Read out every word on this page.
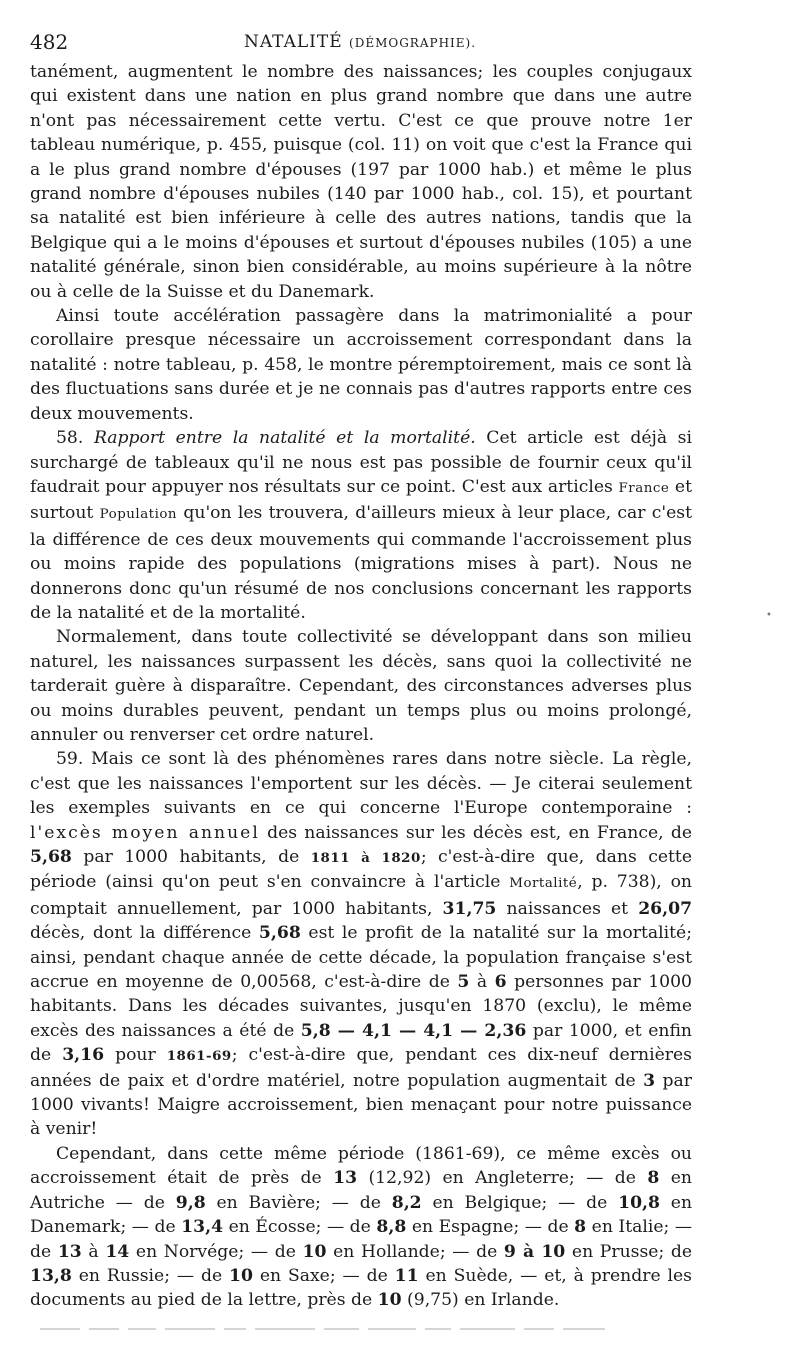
482	NATALITÉ (DÉMOGRAPHIE).

tanément, augmentent le nombre des naissances; les couples conjugaux qui existent dans une nation en plus grand nombre que dans une autre n'ont pas nécessairement cette vertu. C'est ce que prouve notre 1er tableau numérique, p. 455, puisque (col. 11) on voit que c'est la France qui a le plus grand nombre d'épouses (197 par 1000 hab.) et même le plus grand nombre d'épouses nubiles (140 par 1000 hab., col. 15), et pourtant sa natalité est bien inférieure à celle des autres nations, tandis que la Belgique qui a le moins d'épouses et surtout d'épouses nubiles (105) a une natalité générale, sinon bien considérable, au moins supérieure à la nôtre ou à celle de la Suisse et du Danemark.

Ainsi toute accélération passagère dans la matrimonialité a pour corollaire presque nécessaire un accroissement correspondant dans la natalité : notre tableau, p. 458, le montre péremptoirement, mais ce sont là des fluctuations sans durée et je ne connais pas d'autres rapports entre ces deux mouvements.

58. Rapport entre la natalité et la mortalité. Cet article est déjà si surchargé de tableaux qu'il ne nous est pas possible de fournir ceux qu'il faudrait pour appuyer nos résultats sur ce point. C'est aux articles France et surtout Population qu'on les trouvera, d'ailleurs mieux à leur place, car c'est la différence de ces deux mouvements qui commande l'accroissement plus ou moins rapide des populations (migrations mises à part). Nous ne donnerons donc qu'un résumé de nos conclusions concernant les rapports de la natalité et de la mortalité.

Normalement, dans toute collectivité se développant dans son milieu naturel, les naissances surpassent les décès, sans quoi la collectivité ne tarderait guère à disparaître. Cependant, des circonstances adverses plus ou moins durables peuvent, pendant un temps plus ou moins prolongé, annuler ou renverser cet ordre naturel.

59. Mais ce sont là des phénomènes rares dans notre siècle. La règle, c'est que les naissances l'emportent sur les décès. — Je citerai seulement les exemples suivants en ce qui concerne l'Europe contemporaine : l'excès moyen annuel des naissances sur les décès est, en France, de 5,68 par 1000 habitants, de 1811 à 1820; c'est-à-dire que, dans cette période (ainsi qu'on peut s'en convaincre à l'article Mortalité, p. 738), on comptait annuellement, par 1000 habitants, 31,75 naissances et 26,07 décès, dont la différence 5,68 est le profit de la natalité sur la mortalité; ainsi, pendant chaque année de cette décade, la population française s'est accrue en moyenne de 0,00568, c'est-à-dire de 5 à 6 personnes par 1000 habitants. Dans les décades suivantes, jusqu'en 1870 (exclu), le même excès des naissances a été de 5,8 — 4,1 — 4,1 — 2,36 par 1000, et enfin de 3,16 pour 1861-69; c'est-à-dire que, pendant ces dix-neuf dernières années de paix et d'ordre matériel, notre population augmentait de 3 par 1000 vivants! Maigre accroissement, bien menaçant pour notre puissance à venir!

Cependant, dans cette même période (1861-69), ce même excès ou accroissement était de près de 13 (12,92) en Angleterre; — de 8 en Autriche — de 9,8 en Bavière; — de 8,2 en Belgique; — de 10,8 en Danemark; — de 13,4 en Écosse; — de 8,8 en Espagne; — de 8 en Italie; — de 13 à 14 en Norvége; — de 10 en Hollande; — de 9 à 10 en Prusse; de 13,8 en Russie; — de 10 en Saxe; — de 11 en Suède, — et, à prendre les documents au pied de la lettre, près de 10 (9,75) en Irlande.

•
